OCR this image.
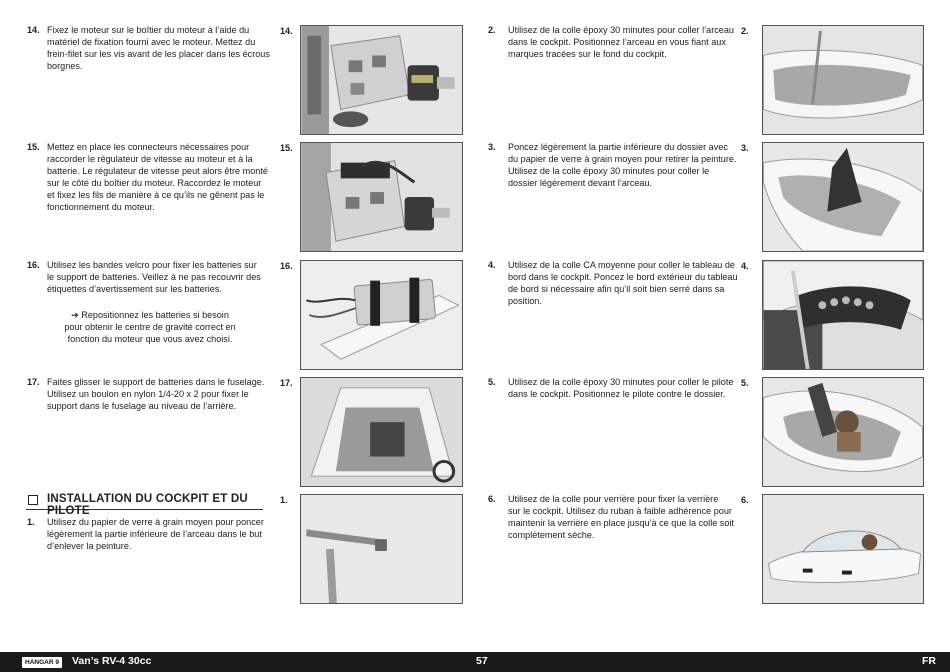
14. Fixez le moteur sur le boîtier du moteur à l’aide du
matériel de fixation fourni avec le moteur. Mettez du
frein-filet sur les vis avant de les placer dans les écrous
borgnes.
15. Mettez en place les connecteurs nécessaires pour
raccorder le régulateur de vitesse au moteur et à la
batterie. Le régulateur de vitesse peut alors être monté
sur le côté du boîtier du moteur. Raccordez le moteur
et fixez les fils de manière à ce qu’ils ne gênent pas le
fonctionnement du moteur.
16. Utilisez les bandes velcro pour fixer les batteries sur
le support de batteries. Veillez à ne pas recouvrir des
étiquettes d’avertissement sur les batteries.
➔ Repositionnez les batteries si besoin
pour obtenir le centre de gravité correct en
fonction du moteur que vous avez choisi.
17. Faites glisser le support de batteries dans le fuselage.
Utilisez un boulon en nylon 1/4-20 x 2 pour fixer le
support dans le fuselage au niveau de l’arrière.
INSTALLATION DU COCKPIT ET DU PILOTE
1. Utilisez du papier de verre à grain moyen pour poncer
légèrement la partie inférieure de l’arceau dans le but
d’enlever la peinture.
14.
15.
16.
17.
1.
2. Utilisez de la colle époxy 30 minutes pour coller l’arceau
dans le cockpit. Positionnez l’arceau en vous fiant aux
marques tracées sur le fond du cockpit.
3. Poncez légèrement la partie inférieure du dossier avec
du papier de verre à grain moyen pour retirer la peinture.
Utilisez de la colle époxy 30 minutes pour coller le
dossier légèrement devant l’arceau.
4. Utilisez de la colle CA moyenne pour coller le tableau de
bord dans le cockpit. Poncez le bord extérieur du tableau
de bord si nécessaire afin qu’il soit bien serré dans sa
position.
5. Utilisez de la colle époxy 30 minutes pour coller le pilote
dans le cockpit. Positionnez le pilote contre le dossier.
6. Utilisez de la colle pour verrière pour fixer la verrière
sur le cockpit. Utilisez du ruban à faible adhérence pour
maintenir la verrière en place jusqu’à ce que la colle soit
complètement sèche.
2.
3.
4.
5.
6.
HANGAR 9 Van’s RV-4 30cc	57	FR
